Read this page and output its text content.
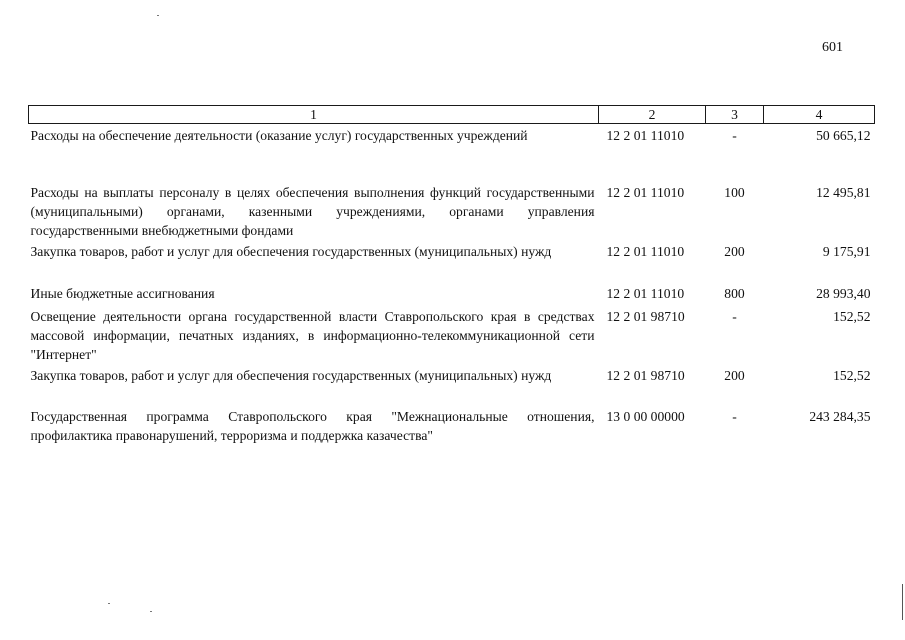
601
1	2	3	4
Расходы на обеспечение деятельности (оказание услуг) государственных учреждений	12 2 01 11010	-	50 665,12
Расходы на выплаты персоналу в целях обеспечения выполнения функций государственными (муниципальными) органами, казенными учреждениями, органами управления государственными внебюджетными фондами	12 2 01 11010	100	12 495,81
Закупка товаров, работ и услуг для обеспечения государственных (муниципальных) нужд	12 2 01 11010	200	9 175,91
Иные бюджетные ассигнования	12 2 01 11010	800	28 993,40
Освещение деятельности органа государственной власти Ставропольского края в средствах массовой информации, печатных изданиях, в информационно-телекоммуникационной сети "Интернет"	12 2 01 98710	-	152,52
Закупка товаров, работ и услуг для обеспечения государственных (муниципальных) нужд	12 2 01 98710	200	152,52
Государственная программа Ставропольского края "Межнациональные отношения, профилактика правонарушений, терроризма и поддержка казачества"	13 0 00 00000	-	243 284,35
